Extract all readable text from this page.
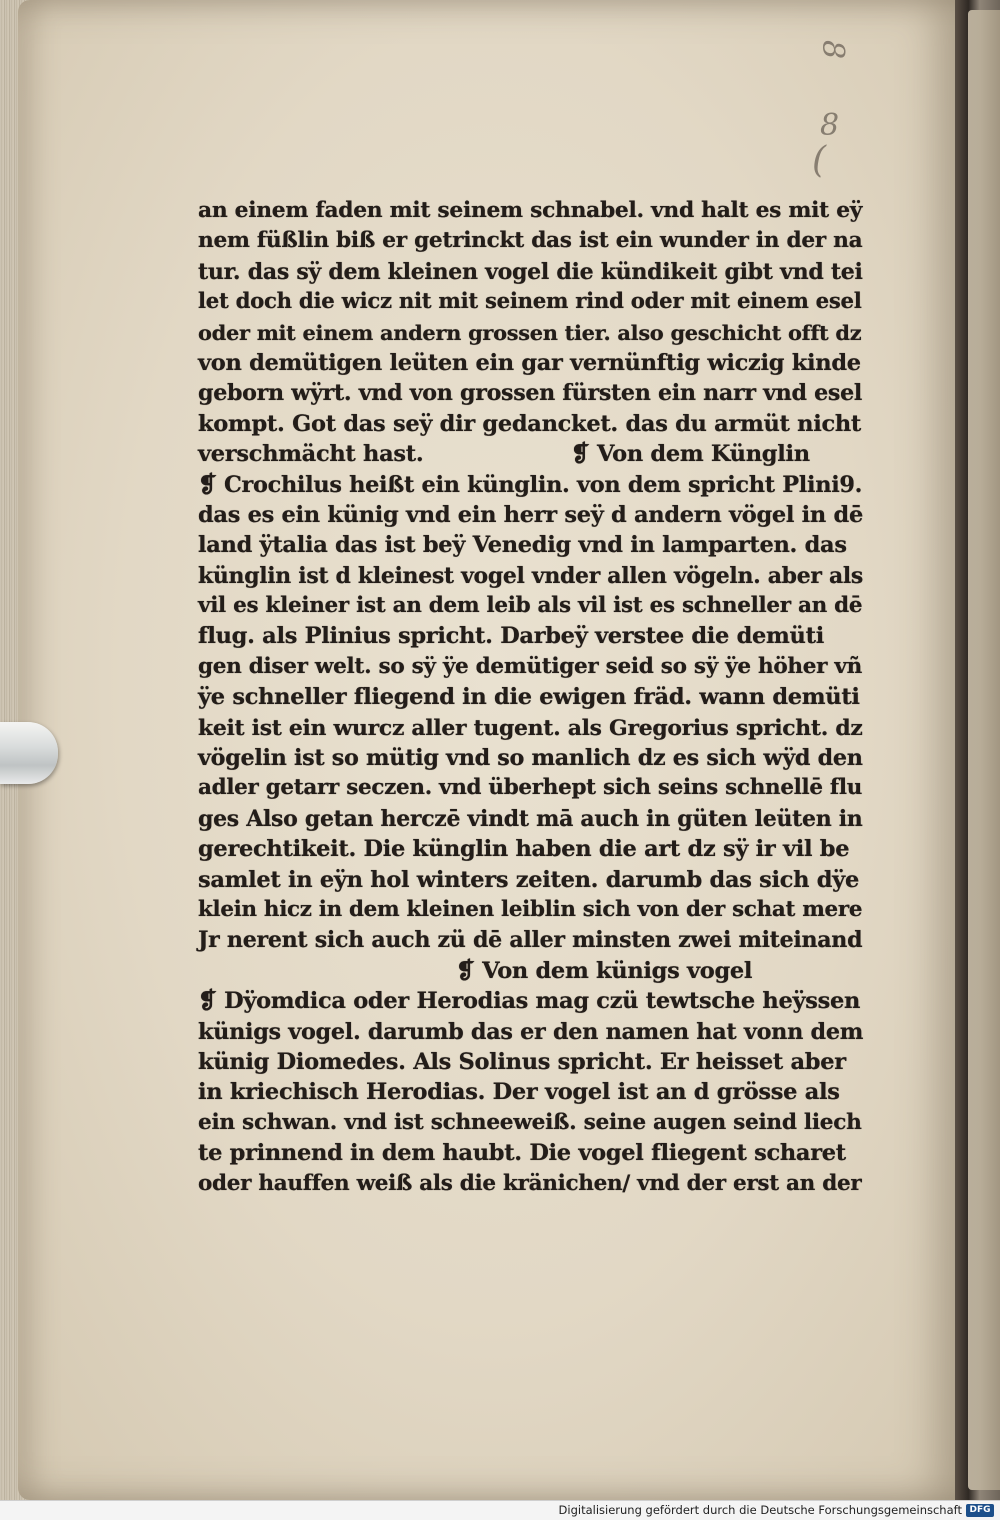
8
8
(
an einem faden mit seinem schnabel. vnd halt es mit eÿ
nem füßlin biß er getrinckt das ist ein wunder in der na
tur. das sÿ dem kleinen vogel die kündikeit gibt vnd tei
let doch die wicz nit mit seinem rind oder mit einem esel
oder mit einem andern grossen tier. also geschicht offt dz
von demütigen leüten ein gar vernünftig wiczig kinde
geborn wÿrt. vnd von grossen fürsten ein narr vnd esel
kompt. Got das seÿ dir gedancket. das du armüt nicht
verschmächt hast.	❡ Von dem Künglin
❡ Crochilus heißt ein künglin. von dem spricht Plini9.
das es ein künig vnd ein herr seÿ d andern vögel in dē
land ÿtalia das ist beÿ Venedig vnd in lamparten. das
künglin ist d kleinest vogel vnder allen vögeln. aber als
vil es kleiner ist an dem leib als vil ist es schneller an dē
flug. als Plinius spricht. Darbeÿ verstee die demüti
gen diser welt. so sÿ ÿe demütiger seid so sÿ ÿe höher vñ
ÿe schneller fliegend in die ewigen fräd. wann demüti
keit ist ein wurcz aller tugent. als Gregorius spricht. dz
vögelin ist so mütig vnd so manlich dz es sich wÿd den
adler getarr seczen. vnd überhept sich seins schnellē flu
ges Also getan herczē vindt mā auch in güten leüten in
gerechtikeit. Die künglin haben die art dz sÿ ir vil be
samlet in eÿn hol winters zeiten. darumb das sich dÿe
klein hicz in dem kleinen leiblin sich von der schat mere
Jr nerent sich auch zü dē aller minsten zwei miteinand
❡ Von dem künigs vogel
❡ Dÿomdica oder Herodias mag czü tewtsche heÿssen
künigs vogel. darumb das er den namen hat vonn dem
künig Diomedes. Als Solinus spricht. Er heisset aber
in kriechisch Herodias. Der vogel ist an d grösse als
ein schwan. vnd ist schneeweiß. seine augen seind liech
te prinnend in dem haubt. Die vogel fliegent scharet
oder hauffen weiß als die kränichen/ vnd der erst an der
Digitalisierung gefördert durch die Deutsche Forschungsgemeinschaft DFG
